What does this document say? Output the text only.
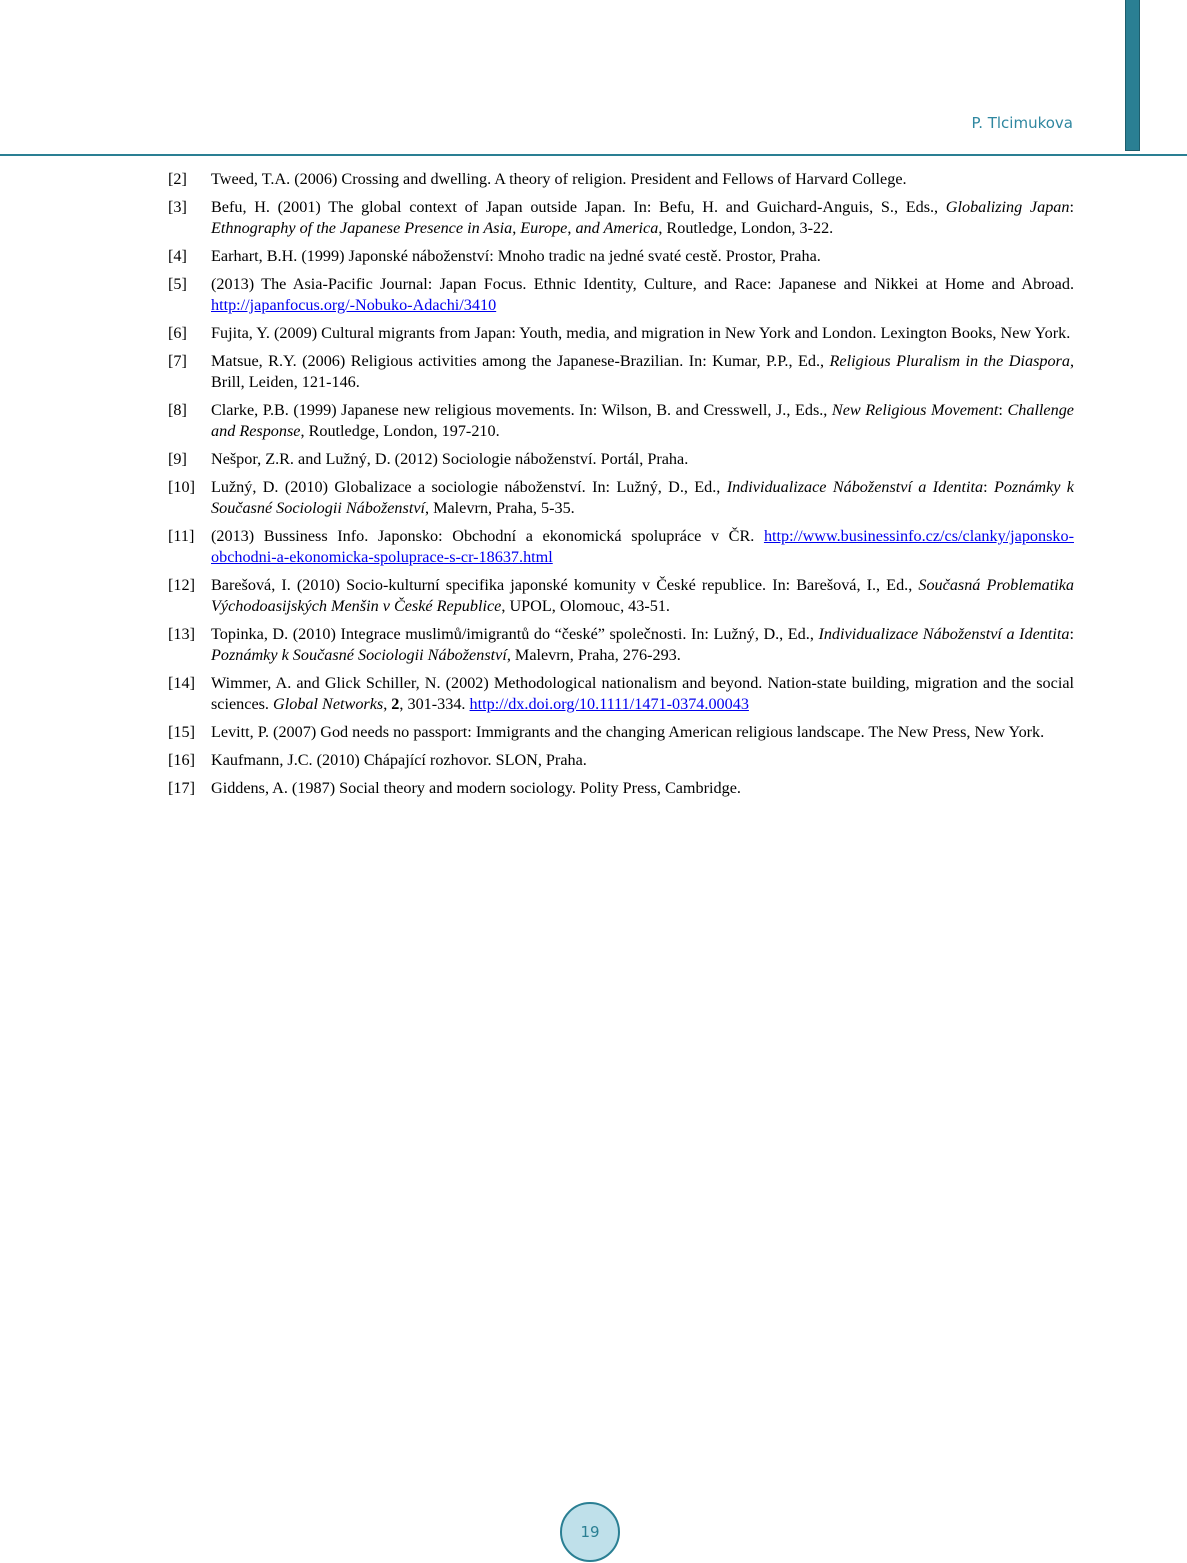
P. Tlcimukova
[2]	Tweed, T.A. (2006) Crossing and dwelling. A theory of religion. President and Fellows of Harvard College.
[3]	Befu, H. (2001) The global context of Japan outside Japan. In: Befu, H. and Guichard-Anguis, S., Eds., Globalizing Japan: Ethnography of the Japanese Presence in Asia, Europe, and America, Routledge, London, 3-22.
[4]	Earhart, B.H. (1999) Japonské náboženství: Mnoho tradic na jedné svaté cestě. Prostor, Praha.
[5]	(2013) The Asia-Pacific Journal: Japan Focus. Ethnic Identity, Culture, and Race: Japanese and Nikkei at Home and Abroad. http://japanfocus.org/-Nobuko-Adachi/3410
[6]	Fujita, Y. (2009) Cultural migrants from Japan: Youth, media, and migration in New York and London. Lexington Books, New York.
[7]	Matsue, R.Y. (2006) Religious activities among the Japanese-Brazilian. In: Kumar, P.P., Ed., Religious Pluralism in the Diaspora, Brill, Leiden, 121-146.
[8]	Clarke, P.B. (1999) Japanese new religious movements. In: Wilson, B. and Cresswell, J., Eds., New Religious Movement: Challenge and Response, Routledge, London, 197-210.
[9]	Nešpor, Z.R. and Lužný, D. (2012) Sociologie náboženství. Portál, Praha.
[10] Lužný, D. (2010) Globalizace a sociologie náboženství. In: Lužný, D., Ed., Individualizace Náboženství a Identita: Poznámky k Současné Sociologii Náboženství, Malevrn, Praha, 5-35.
[11]	(2013) Bussiness Info. Japonsko: Obchodní a ekonomická spolupráce v ČR. http://www.businessinfo.cz/cs/clanky/japonsko-obchodni-a-ekonomicka-spoluprace-s-cr-18637.html
[12] Barešová, I. (2010) Socio-kulturní specifika japonské komunity v České republice. In: Barešová, I., Ed., Současná Problematika Východoasijských Menšin v České Republice, UPOL, Olomouc, 43-51.
[13] Topinka, D. (2010) Integrace muslimů/imigrantů do “české” společnosti. In: Lužný, D., Ed., Individualizace Náboženství a Identita: Poznámky k Současné Sociologii Náboženství, Malevrn, Praha, 276-293.
[14] Wimmer, A. and Glick Schiller, N. (2002) Methodological nationalism and beyond. Nation-state building, migration and the social sciences. Global Networks, 2, 301-334. http://dx.doi.org/10.1111/1471-0374.00043
[15] Levitt, P. (2007) God needs no passport: Immigrants and the changing American religious landscape. The New Press, New York.
[16] Kaufmann, J.C. (2010) Chápající rozhovor. SLON, Praha.
[17] Giddens, A. (1987) Social theory and modern sociology. Polity Press, Cambridge.
19
